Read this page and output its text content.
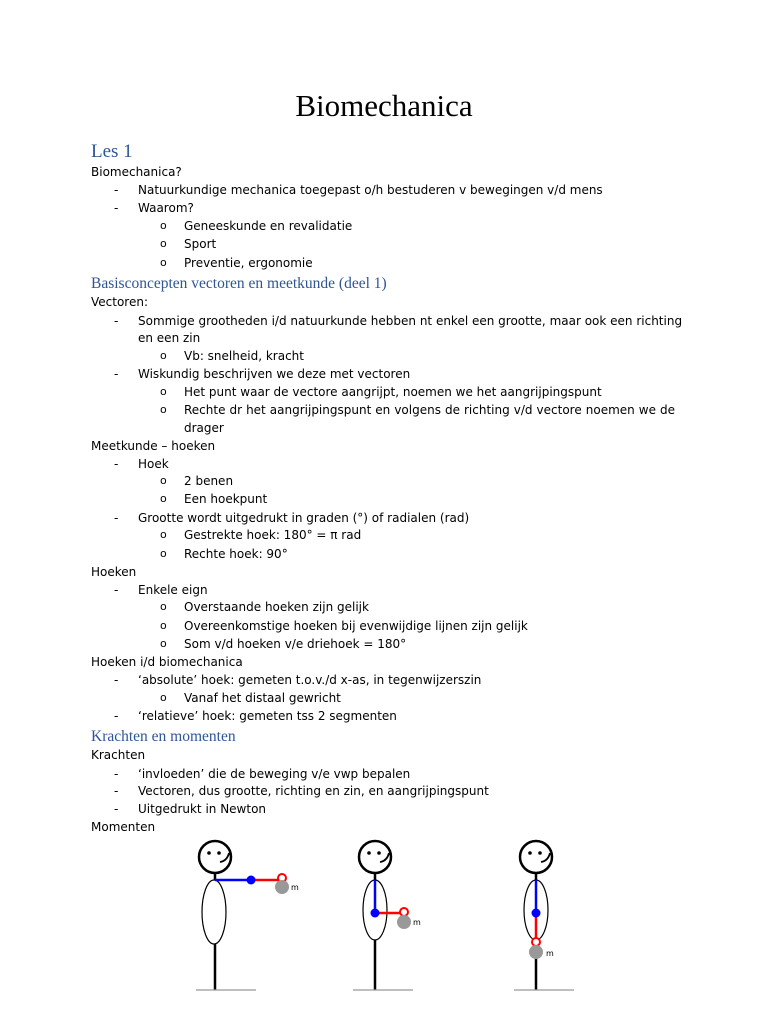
Biomechanica
Les 1
Biomechanica?
- Natuurkundige mechanica toegepast o/h bestuderen v bewegingen v/d mens
- Waarom?
o Geneeskunde en revalidatie
o Sport
o Preventie, ergonomie
Basisconcepten vectoren en meetkunde (deel 1)
Vectoren:
- Sommige grootheden i/d natuurkunde hebben nt enkel een grootte, maar ook een richting
en een zin
o Vb: snelheid, kracht
- Wiskundig beschrijven we deze met vectoren
o Het punt waar de vectore aangrijpt, noemen we het aangrijpingspunt
o Rechte dr het aangrijpingspunt en volgens de richting v/d vectore noemen we de
drager
Meetkunde – hoeken
- Hoek
o 2 benen
o Een hoekpunt
- Grootte wordt uitgedrukt in graden (°) of radialen (rad)
o Gestrekte hoek: 180° = π rad
o Rechte hoek: 90°
Hoeken
- Enkele eign
o Overstaande hoeken zijn gelijk
o Overeenkomstige hoeken bij evenwijdige lijnen zijn gelijk
o Som v/d hoeken v/e driehoek = 180°
Hoeken i/d biomechanica
- ‘absolute’ hoek: gemeten t.o.v./d x-as, in tegenwijzerszin
o Vanaf het distaal gewricht
- ‘relatieve’ hoek: gemeten tss 2 segmenten
Krachten en momenten
Krachten
- ‘invloeden’ die de beweging v/e vwp bepalen
- Vectoren, dus grootte, richting en zin, en aangrijpingspunt
- Uitgedrukt in Newton
Momenten
m
m
m
